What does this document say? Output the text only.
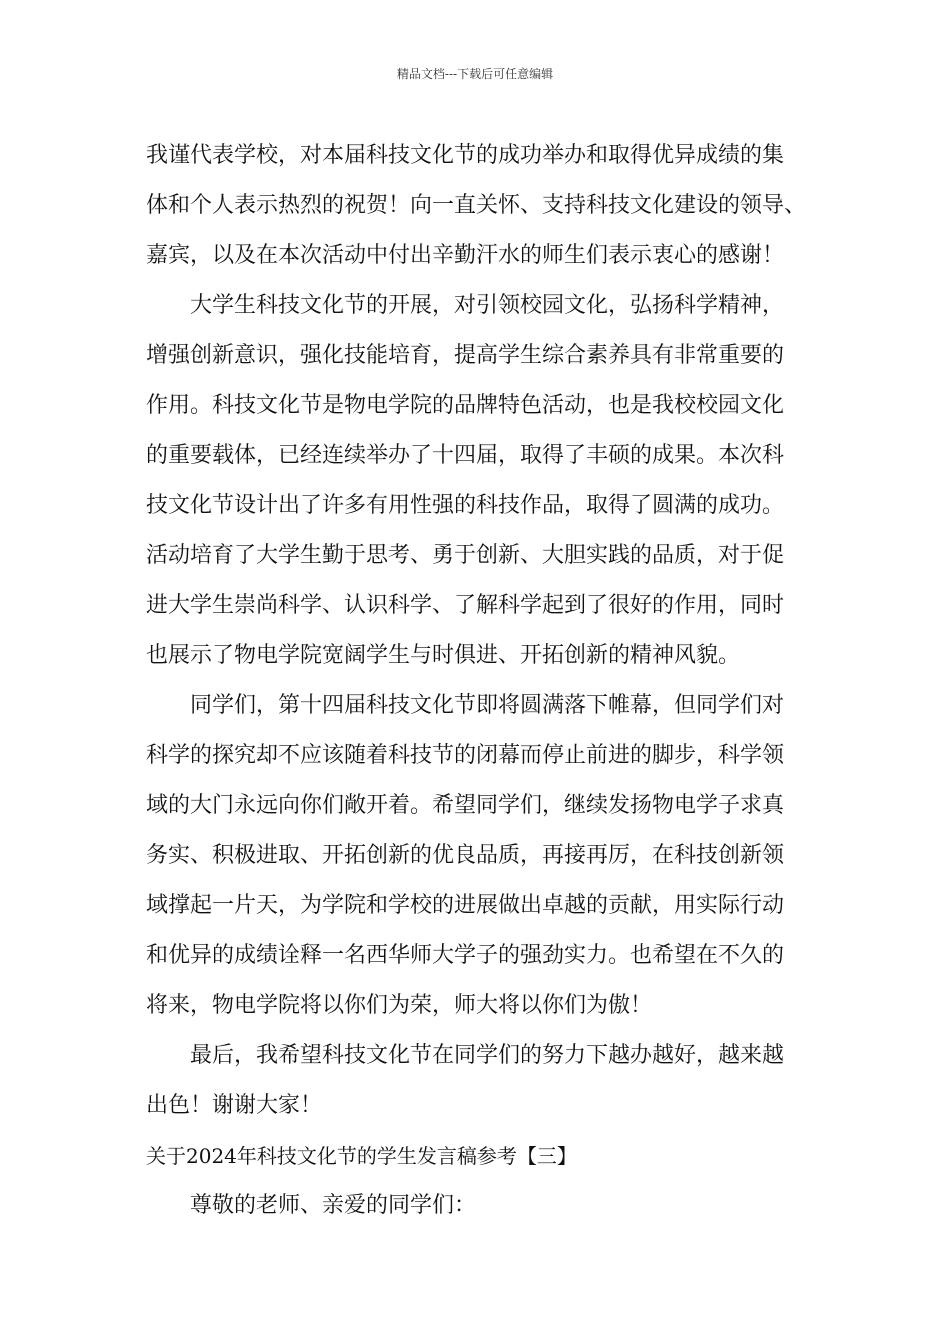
精品文档---下载后可任意编辑
我谨代表学校，对本届科技文化节的成功举办和取得优异成绩的集
体和个人表示热烈的祝贺！向一直关怀、支持科技文化建设的领导、
嘉宾，以及在本次活动中付出辛勤汗水的师生们表示衷心的感谢！
大学生科技文化节的开展，对引领校园文化，弘扬科学精神，
增强创新意识，强化技能培育，提高学生综合素养具有非常重要的
作用。科技文化节是物电学院的品牌特色活动，也是我校校园文化
的重要载体，已经连续举办了十四届，取得了丰硕的成果。本次科
技文化节设计出了许多有用性强的科技作品，取得了圆满的成功。
活动培育了大学生勤于思考、勇于创新、大胆实践的品质，对于促
进大学生崇尚科学、认识科学、了解科学起到了很好的作用，同时
也展示了物电学院宽阔学生与时俱进、开拓创新的精神风貌。
同学们，第十四届科技文化节即将圆满落下帷幕，但同学们对
科学的探究却不应该随着科技节的闭幕而停止前进的脚步，科学领
域的大门永远向你们敞开着。希望同学们，继续发扬物电学子求真
务实、积极进取、开拓创新的优良品质，再接再厉，在科技创新领
域撑起一片天，为学院和学校的进展做出卓越的贡献，用实际行动
和优异的成绩诠释一名西华师大学子的强劲实力。也希望在不久的
将来，物电学院将以你们为荣，师大将以你们为傲！
最后，我希望科技文化节在同学们的努力下越办越好，越来越
出色！谢谢大家！
关于2024年科技文化节的学生发言稿参考【三】
尊敬的老师、亲爱的同学们：
